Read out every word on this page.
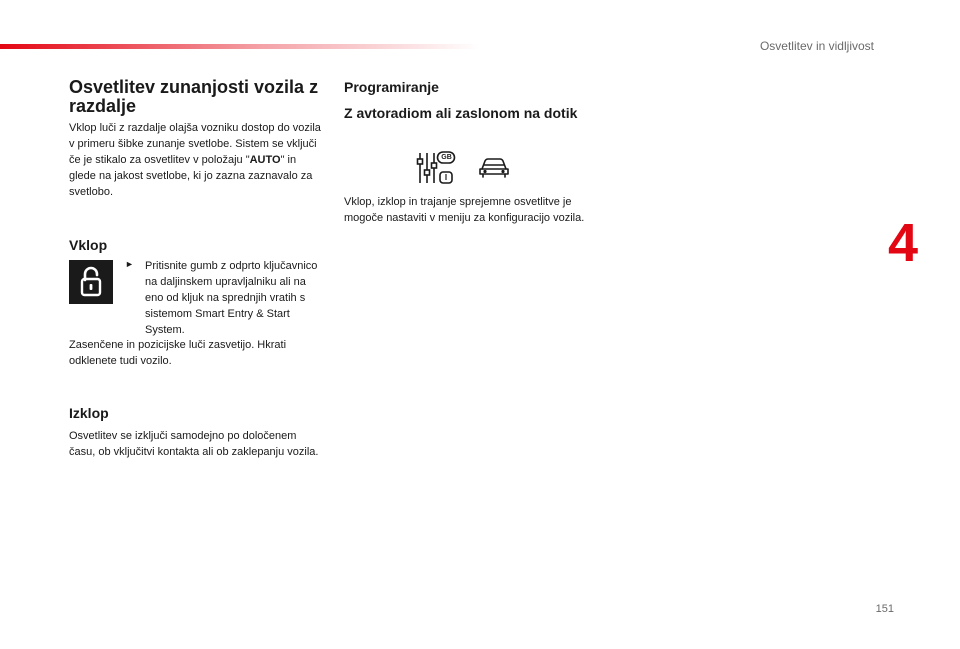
Osvetlitev in vidljivost
4
151
Osvetlitev zunanjosti vozila z razdalje

Vklop luči z razdalje olajša vozniku dostop do vozila v primeru šibke zunanje svetlobe. Sistem se vključi če je stikalo za osvetlitev v položaju "AUTO" in glede na jakost svetlobe, ki jo zazna zaznavalo za svetlobo.

Vklop
► Pritisnite gumb z odprto ključavnico na daljinskem upravljalniku ali na eno od kljuk na sprednjih vratih s sistemom Smart Entry & Start System.

Zasenčene in pozicijske luči zasvetijo. Hkrati odklenete tudi vozilo.

Izklop

Osvetlitev se izključi samodejno po določenem času, ob vključitvi kontakta ali ob zaklepanju vozila.

Programiranje
Z avtoradiom ali zaslonom na dotik
GB
I

Vklop, izklop in trajanje sprejemne osvetlitve je mogoče nastaviti v meniju za konfiguracijo vozila.
